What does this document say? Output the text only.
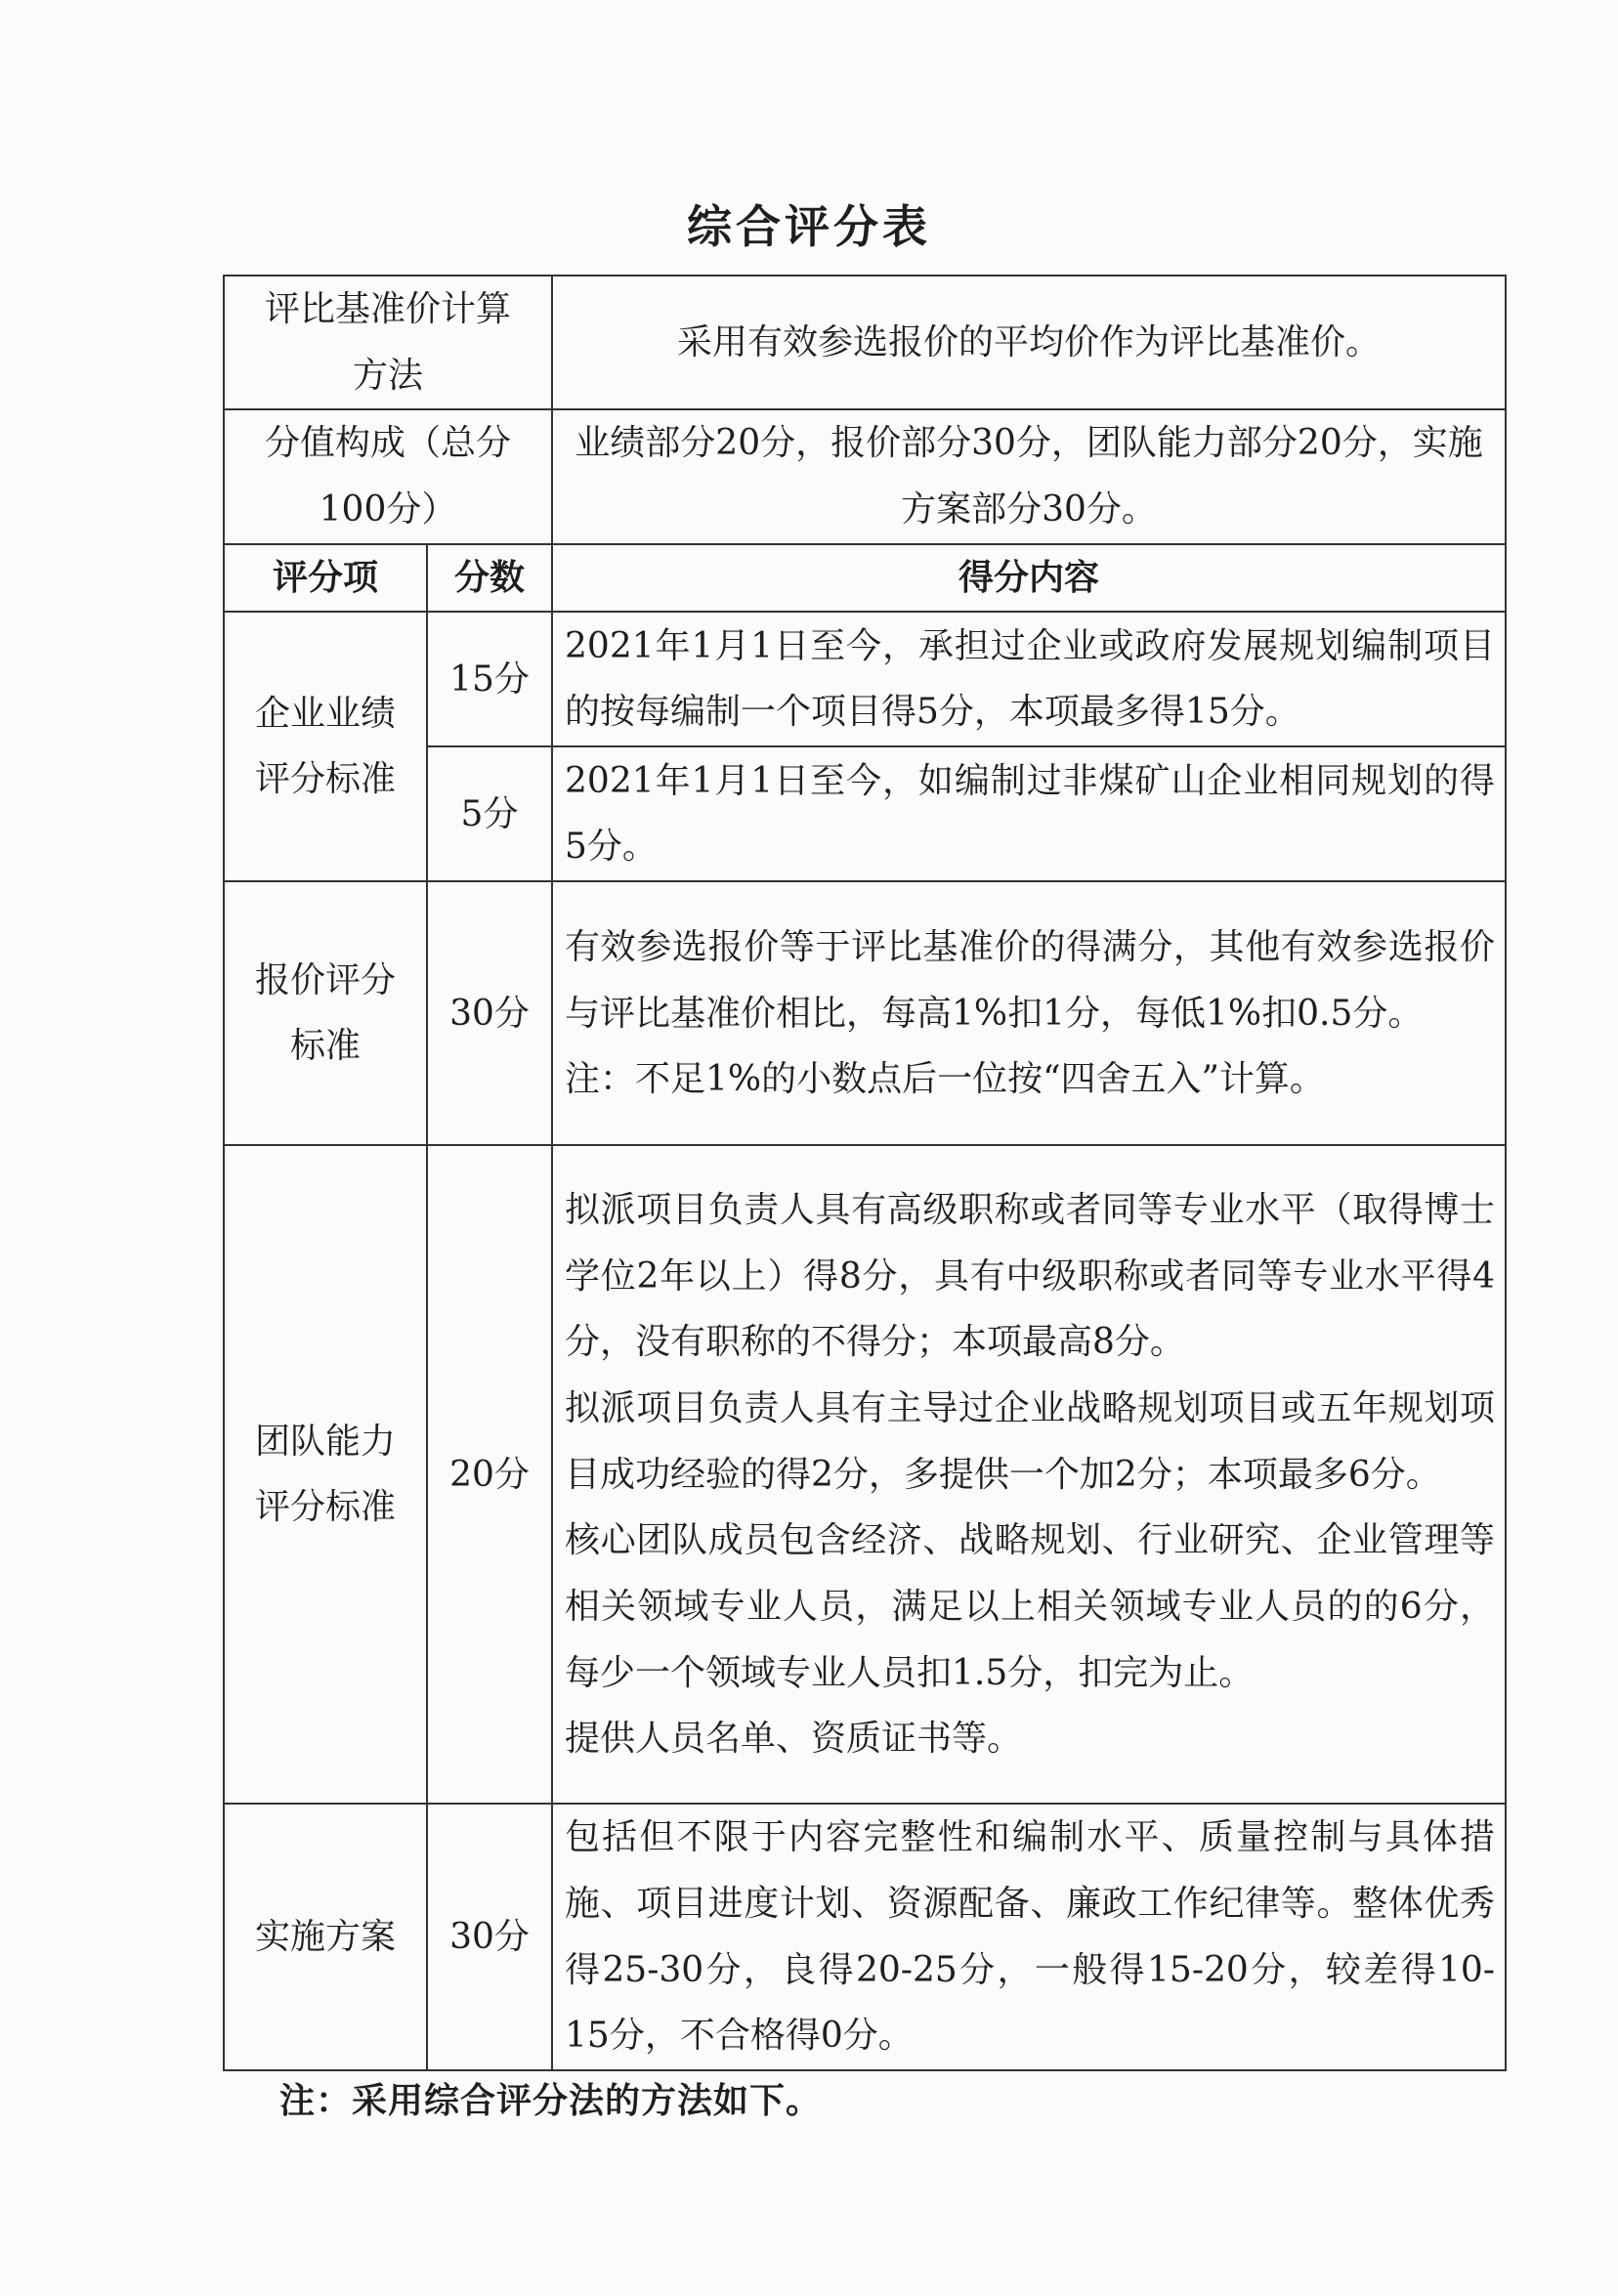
综合评分表
评比基准价计算方法		采用有效参选报价的平均价作为评比基准价。
分值构成（总分100分）		业绩部分20分，报价部分30分，团队能力部分20分，实施方案部分30分。
评分项	分数	得分内容
企业业绩评分标准	15分	2021年1月1日至今，承担过企业或政府发展规划编制项目的按每编制一个项目得5分，本项最多得15分。
	5分	2021年1月1日至今，如编制过非煤矿山企业相同规划的得5分。
报价评分标准	30分	有效参选报价等于评比基准价的得满分，其他有效参选报价与评比基准价相比，每高1%扣1分，每低1%扣0.5分。

注：不足1%的小数点后一位按“四舍五入”计算。

团队能力评分标准	20分	拟派项目负责人具有高级职称或者同等专业水平（取得博士学位2年以上）得8分，具有中级职称或者同等专业水平得4分，没有职称的不得分；本项最高8分。

拟派项目负责人具有主导过企业战略规划项目或五年规划项目成功经验的得2分，多提供一个加2分；本项最多6分。

核心团队成员包含经济、战略规划、行业研究、企业管理等相关领域专业人员，满足以上相关领域专业人员的的6分，每少一个领域专业人员扣1.5分，扣完为止。

提供人员名单、资质证书等。

实施方案	30分	包括但不限于内容完整性和编制水平、质量控制与具体措施、项目进度计划、资源配备、廉政工作纪律等。整体优秀得25-30分，良得20-25分，一般得15-20分，较差得10-15分，不合格得0分。
注：采用综合评分法的方法如下。
